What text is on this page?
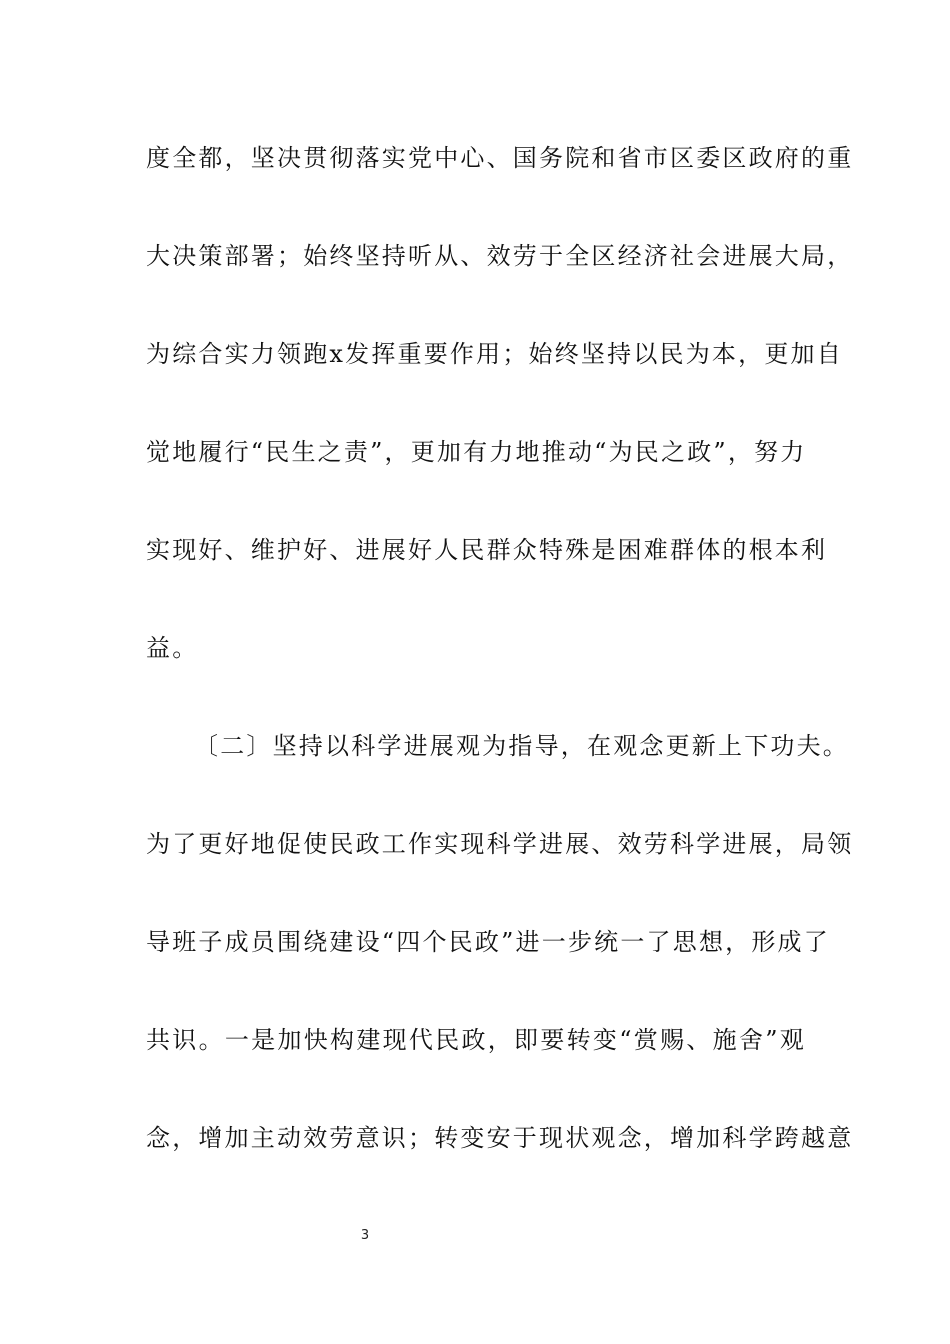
度全都，坚决贯彻落实党中心、国务院和省市区委区政府的重
大决策部署；始终坚持听从、效劳于全区经济社会进展大局，
为综合实力领跑x发挥重要作用；始终坚持以民为本，更加自
觉地履行“民生之责”，更加有力地推动“为民之政”，努力
实现好、维护好、进展好人民群众特殊是困难群体的根本利
益。
〔二〕坚持以科学进展观为指导，在观念更新上下功夫。
为了更好地促使民政工作实现科学进展、效劳科学进展，局领
导班子成员围绕建设“四个民政”进一步统一了思想，形成了
共识。一是加快构建现代民政，即要转变“赏赐、施舍”观
念，增加主动效劳意识；转变安于现状观念，增加科学跨越意
3
